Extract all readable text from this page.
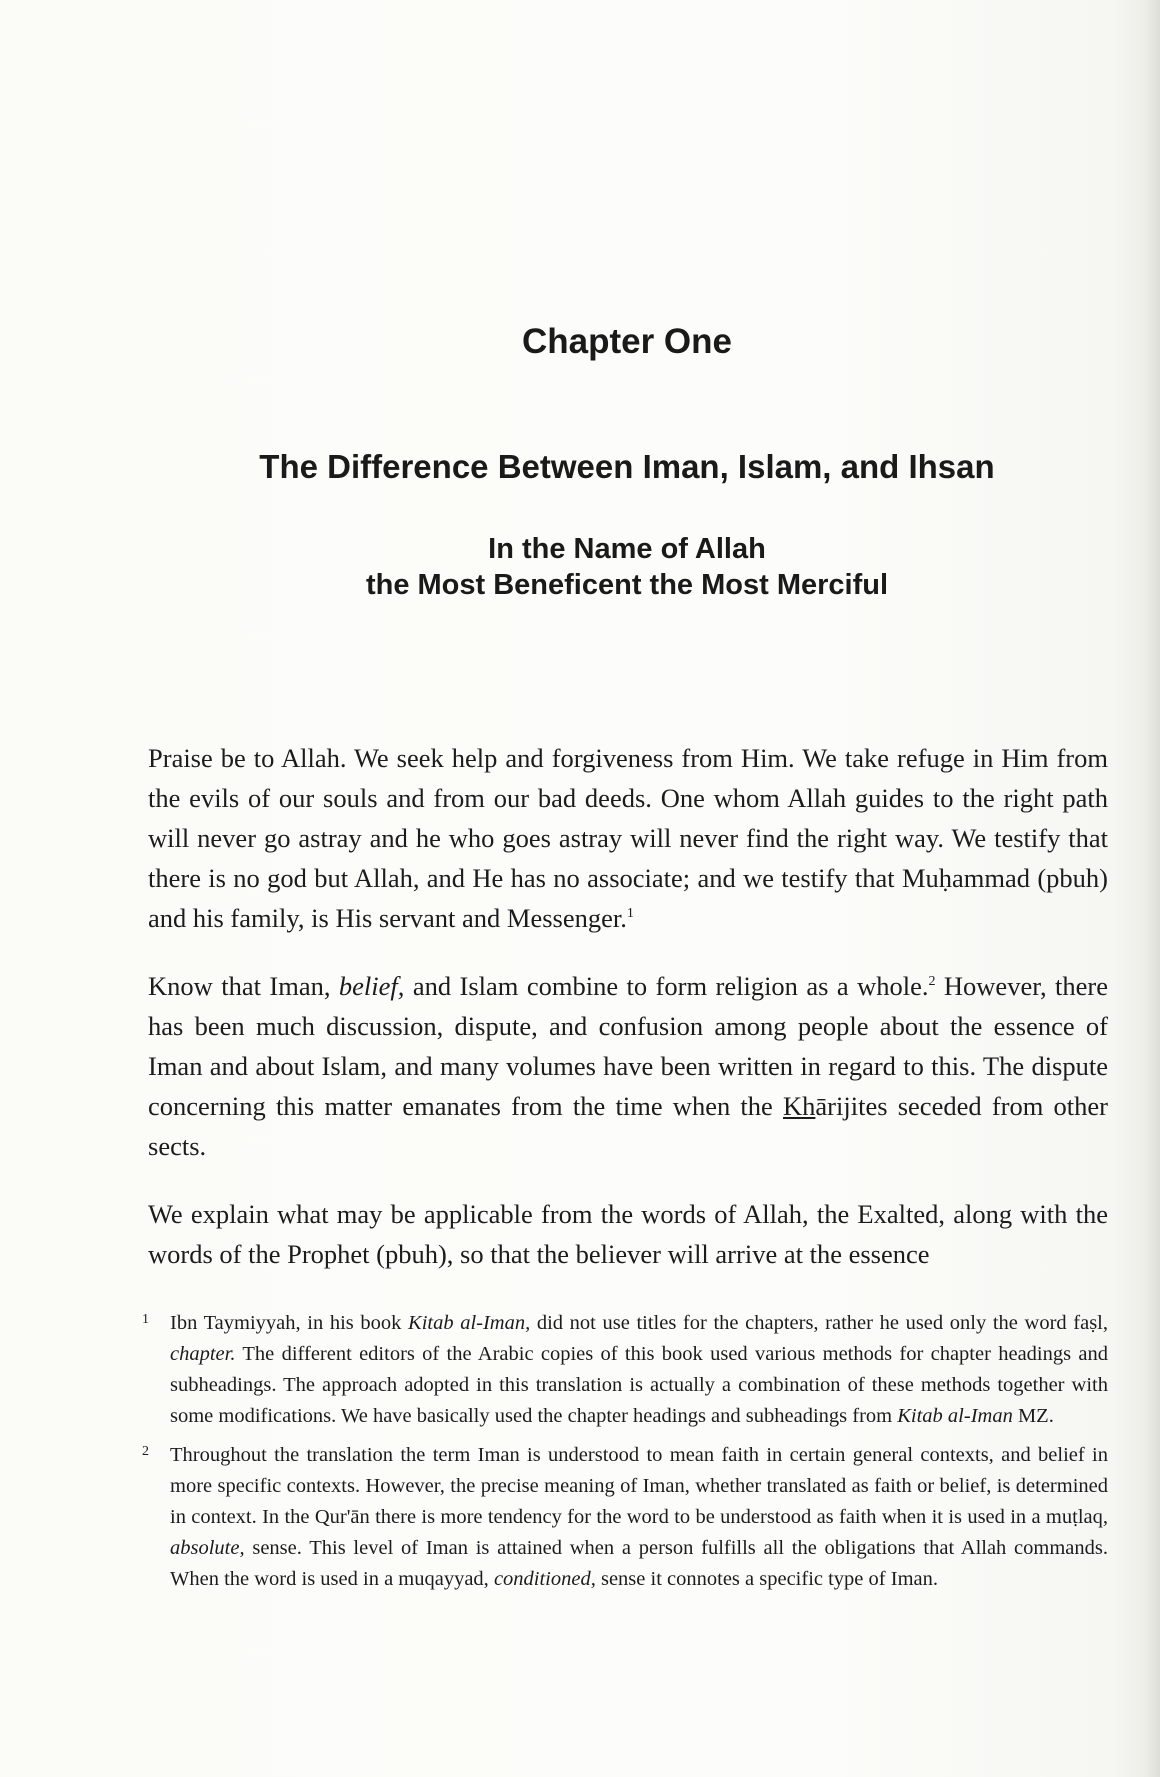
Chapter One
The Difference Between Iman, Islam, and Ihsan
In the Name of Allah
the Most Beneficent the Most Merciful

Praise be to Allah. We seek help and forgiveness from Him. We take refuge in Him from the evils of our souls and from our bad deeds. One whom Allah guides to the right path will never go astray and he who goes astray will never find the right way. We testify that there is no god but Allah, and He has no associate; and we testify that Muḥammad (pbuh) and his family, is His servant and Messenger.$^1$

Know that Iman, belief, and Islam combine to form religion as a whole.$^2$ However, there has been much discussion, dispute, and confusion among people about the essence of Iman and about Islam, and many volumes have been written in regard to this. The dispute concerning this matter emanates from the time when the Khārijites seceded from other sects.

We explain what may be applicable from the words of Allah, the Exalted, along with the words of the Prophet (pbuh), so that the believer will arrive at the essence

1 Ibn Taymiyyah, in his book Kitab al-Iman, did not use titles for the chapters, rather he used only the word faṣl, chapter. The different editors of the Arabic copies of this book used various methods for chapter headings and subheadings. The approach adopted in this translation is actually a combination of these methods together with some modifications. We have basically used the chapter headings and subheadings from Kitab al-Iman MZ.

2 Throughout the translation the term Iman is understood to mean faith in certain general contexts, and belief in more specific contexts. However, the precise meaning of Iman, whether translated as faith or belief, is determined in context. In the Qur'ān there is more tendency for the word to be understood as faith when it is used in a muṭlaq, absolute, sense. This level of Iman is attained when a person fulfills all the obligations that Allah commands. When the word is used in a muqayyad, conditioned, sense it connotes a specific type of Iman.
